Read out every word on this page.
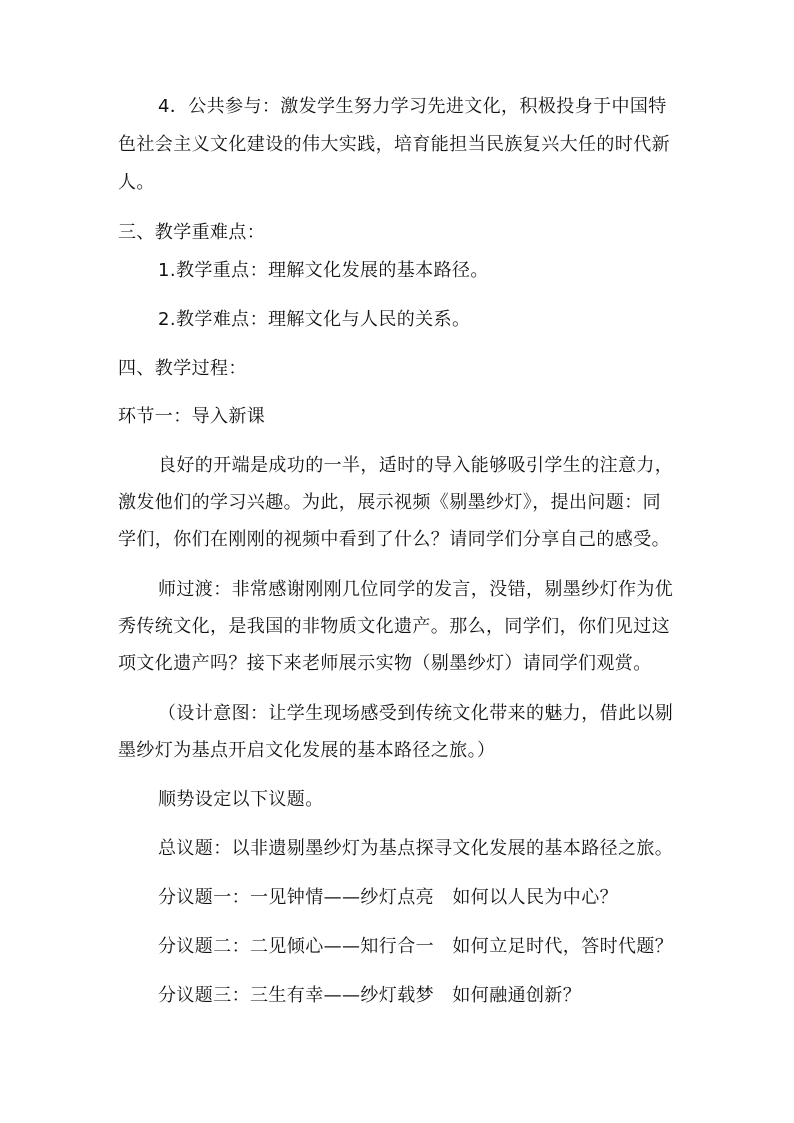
4．公共参与：激发学生努力学习先进文化，积极投身于中国特
色社会主义文化建设的伟大实践，培育能担当民族复兴大任的时代新
人。
三、教学重难点：
1.教学重点：理解文化发展的基本路径。
2.教学难点：理解文化与人民的关系。
四、教学过程：
环节一：导入新课
良好的开端是成功的一半，适时的导入能够吸引学生的注意力，
激发他们的学习兴趣。为此，展示视频《剔墨纱灯》，提出问题：同
学们，你们在刚刚的视频中看到了什么？请同学们分享自己的感受。
师过渡：非常感谢刚刚几位同学的发言，没错，剔墨纱灯作为优
秀传统文化，是我国的非物质文化遗产。那么，同学们，你们见过这
项文化遗产吗？接下来老师展示实物（剔墨纱灯）请同学们观赏。
（设计意图：让学生现场感受到传统文化带来的魅力，借此以剔
墨纱灯为基点开启文化发展的基本路径之旅。）
顺势设定以下议题。
总议题：以非遗剔墨纱灯为基点探寻文化发展的基本路径之旅。
分议题一：一见钟情——纱灯点亮　如何以人民为中心？
分议题二：二见倾心——知行合一　如何立足时代，答时代题？
分议题三：三生有幸——纱灯载梦　如何融通创新？
